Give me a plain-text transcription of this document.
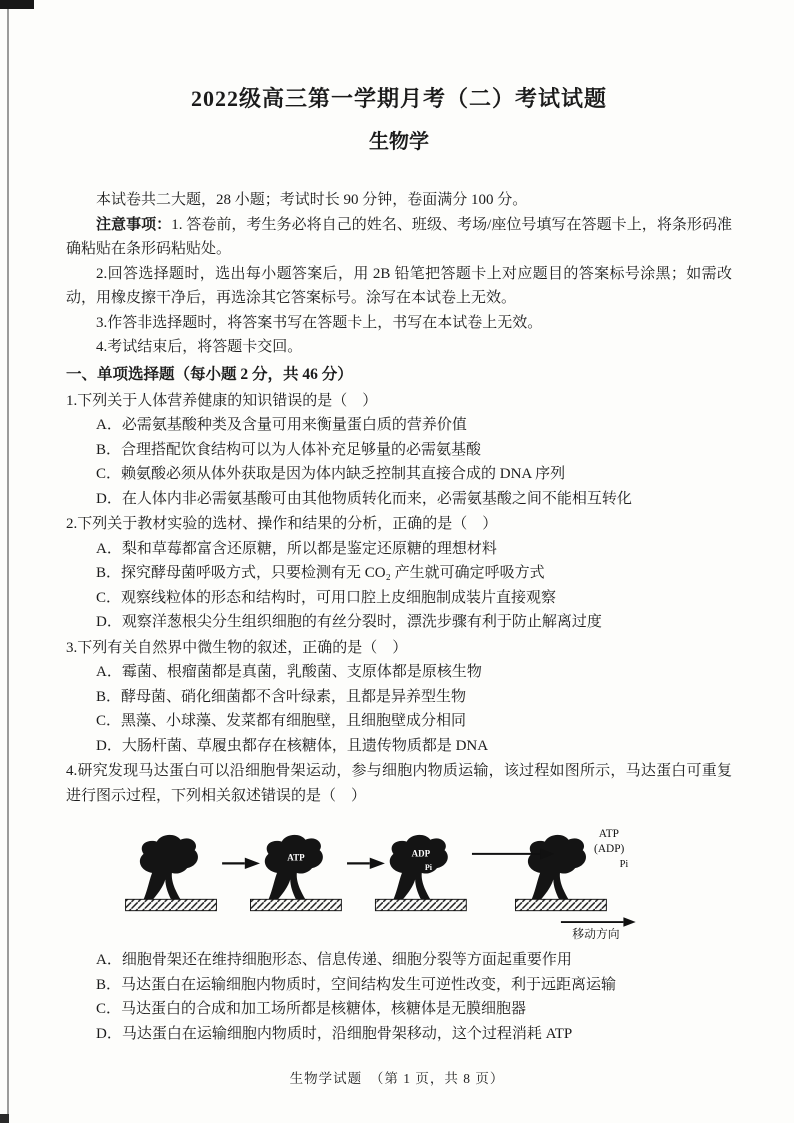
2022级高三第一学期月考（二）考试试题
生物学

本试卷共二大题，28 小题；考试时长 90 分钟，卷面满分 100 分。

注意事项：1. 答卷前，考生务必将自己的姓名、班级、考场/座位号填写在答题卡上，将条形码准确粘贴在条形码粘贴处。

2.回答选择题时，选出每小题答案后，用 2B 铅笔把答题卡上对应题目的答案标号涂黑；如需改动，用橡皮擦干净后，再选涂其它答案标号。涂写在本试卷上无效。

3.作答非选择题时，将答案书写在答题卡上，书写在本试卷上无效。

4.考试结束后，将答题卡交回。

一、单项选择题（每小题 2 分，共 46 分）

1.下列关于人体营养健康的知识错误的是（　）

A．必需氨基酸种类及含量可用来衡量蛋白质的营养价值

B．合理搭配饮食结构可以为人体补充足够量的必需氨基酸

C．赖氨酸必须从体外获取是因为体内缺乏控制其直接合成的 DNA 序列

D．在人体内非必需氨基酸可由其他物质转化而来，必需氨基酸之间不能相互转化

2.下列关于教材实验的选材、操作和结果的分析，正确的是（　）

A．梨和草莓都富含还原糖，所以都是鉴定还原糖的理想材料

B．探究酵母菌呼吸方式，只要检测有无 CO₂ 产生就可确定呼吸方式

C．观察线粒体的形态和结构时，可用口腔上皮细胞制成装片直接观察

D．观察洋葱根尖分生组织细胞的有丝分裂时，漂洗步骤有利于防止解离过度

3.下列有关自然界中微生物的叙述，正确的是（　）

A．霉菌、根瘤菌都是真菌，乳酸菌、支原体都是原核生物

B．酵母菌、硝化细菌都不含叶绿素，且都是异养型生物

C．黑藻、小球藻、发菜都有细胞壁，且细胞壁成分相同

D．大肠杆菌、草履虫都存在核糖体，且遗传物质都是 DNA

4.研究发现马达蛋白可以沿细胞骨架运动，参与细胞内物质运输，该过程如图所示，马达蛋白可重复进行图示过程，下列相关叙述错误的是（　）

ATP	ADP
Pi
ATP
(ADP)
Pi
移动方向

A．细胞骨架还在维持细胞形态、信息传递、细胞分裂等方面起重要作用

B．马达蛋白在运输细胞内物质时，空间结构发生可逆性改变，利于远距离运输

C．马达蛋白的合成和加工场所都是核糖体，核糖体是无膜细胞器

D．马达蛋白在运输细胞内物质时，沿细胞骨架移动，这个过程消耗 ATP

生物学试题　（第 1 页，共 8 页）
